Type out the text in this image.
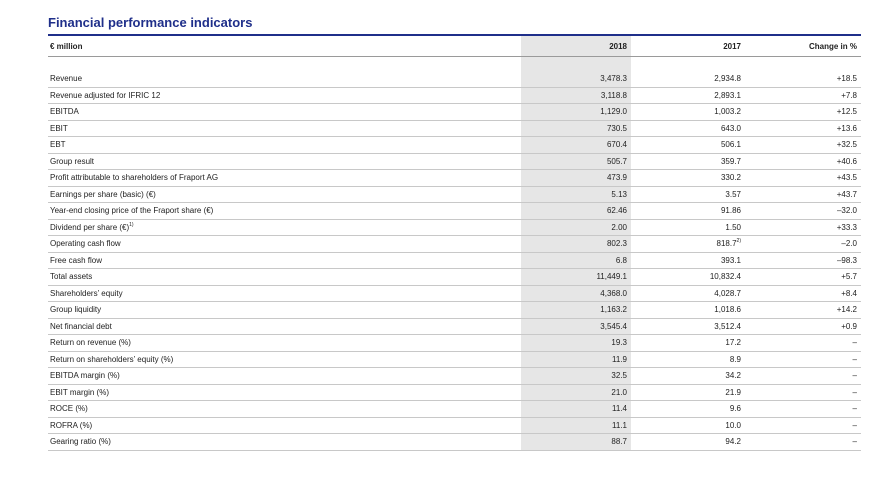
Financial performance indicators
€ million	2018	2017	Change in %

Revenue	3,478.3	2,934.8	+18.5
Revenue adjusted for IFRIC 12	3,118.8	2,893.1	+7.8
EBITDA	1,129.0	1,003.2	+12.5
EBIT	730.5	643.0	+13.6
EBT	670.4	506.1	+32.5
Group result	505.7	359.7	+40.6
Profit attributable to shareholders of Fraport AG	473.9	330.2	+43.5
Earnings per share (basic) (€)	5.13	3.57	+43.7
Year-end closing price of the Fraport share (€)	62.46	91.86	–32.0
Dividend per share (€)$^{1)}$	2.00	1.50	+33.3
Operating cash flow	802.3	818.7$^{2)}$	–2.0
Free cash flow	6.8	393.1	–98.3
Total assets	11,449.1	10,832.4	+5.7
Shareholders’ equity	4,368.0	4,028.7	+8.4
Group liquidity	1,163.2	1,018.6	+14.2
Net financial debt	3,545.4	3,512.4	+0.9
Return on revenue (%)	19.3	17.2	–
Return on shareholders’ equity (%)	11.9	8.9	–
EBITDA margin (%)	32.5	34.2	–
EBIT margin (%)	21.0	21.9	–
ROCE (%)	11.4	9.6	–
ROFRA (%)	11.1	10.0	–
Gearing ratio (%)	88.7	94.2	–
